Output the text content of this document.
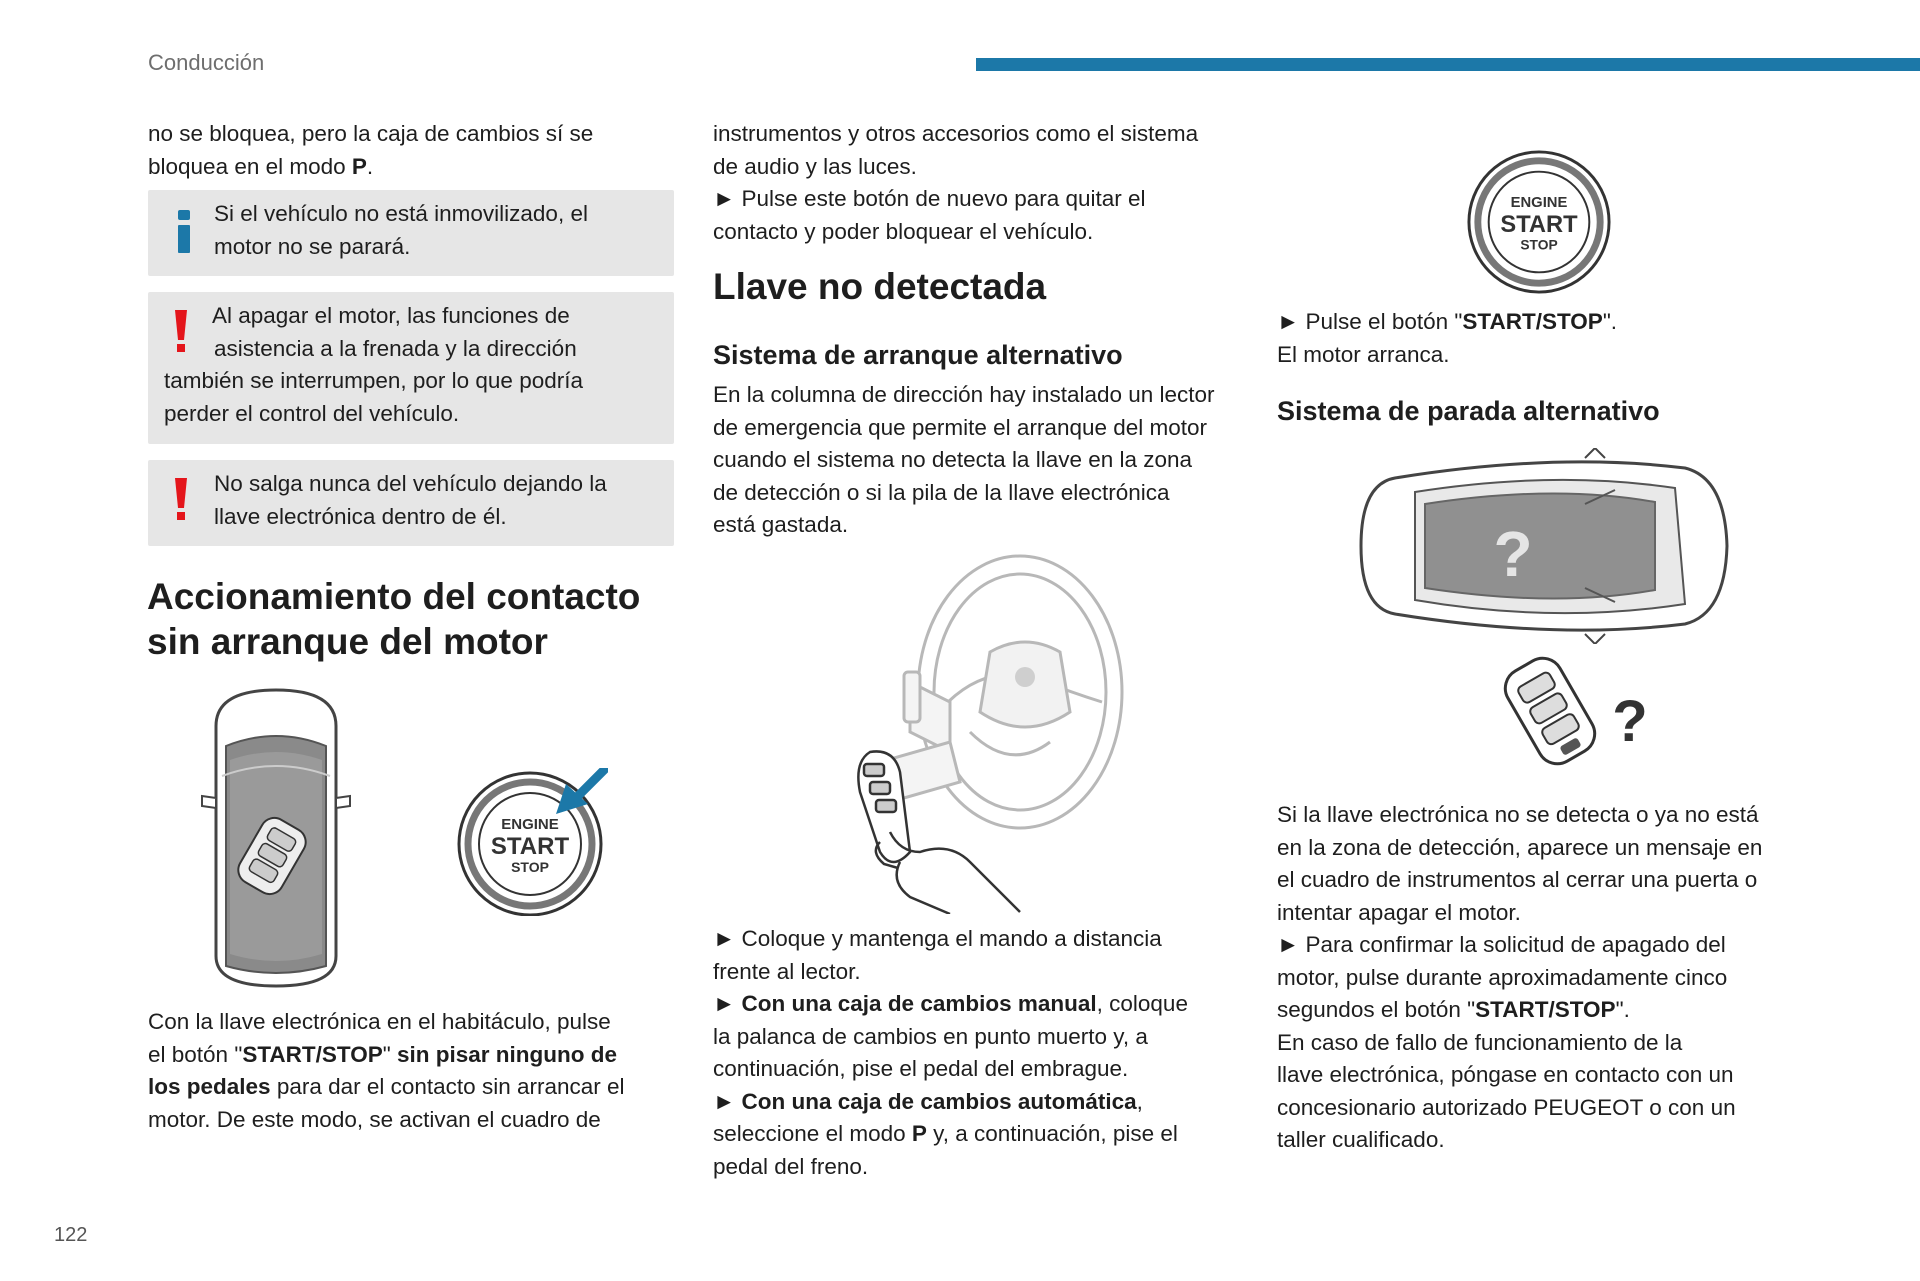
Conducción

no se bloquea, pero la caja de cambios sí se

bloquea en el modo P.

Si el vehículo no está inmovilizado, el

motor no se parará.

Al apagar el motor, las funciones de

asistencia a la frenada y la dirección

también se interrumpen, por lo que podría

perder el control del vehículo.

No salga nunca del vehículo dejando la

llave electrónica dentro de él.

Accionamiento del contacto
sin arranque del motor
ENGINE
START
STOP

Con la llave electrónica en el habitáculo, pulse

el botón "START/STOP" sin pisar ninguno de

los pedales para dar el contacto sin arrancar el

motor. De este modo, se activan el cuadro de

instrumentos y otros accesorios como el sistema

de audio y las luces.

► Pulse este botón de nuevo para quitar el

contacto y poder bloquear el vehículo.

Llave no detectada
Sistema de arranque alternativo

En la columna de dirección hay instalado un lector

de emergencia que permite el arranque del motor

cuando el sistema no detecta la llave en la zona

de detección o si la pila de la llave electrónica

está gastada.

► Coloque y mantenga el mando a distancia

frente al lector.

► Con una caja de cambios manual, coloque

la palanca de cambios en punto muerto y, a

continuación, pise el pedal del embrague.

► Con una caja de cambios automática,

seleccione el modo P y, a continuación, pise el

pedal del freno.

ENGINE
START
STOP

► Pulse el botón "START/STOP".

El motor arranca.

Sistema de parada alternativo
?
?

Si la llave electrónica no se detecta o ya no está

en la zona de detección, aparece un mensaje en

el cuadro de instrumentos al cerrar una puerta o

intentar apagar el motor.

► Para confirmar la solicitud de apagado del

motor, pulse durante aproximadamente cinco

segundos el botón "START/STOP".

En caso de fallo de funcionamiento de la

llave electrónica, póngase en contacto con un

concesionario autorizado PEUGEOT o con un

taller cualificado.

122
